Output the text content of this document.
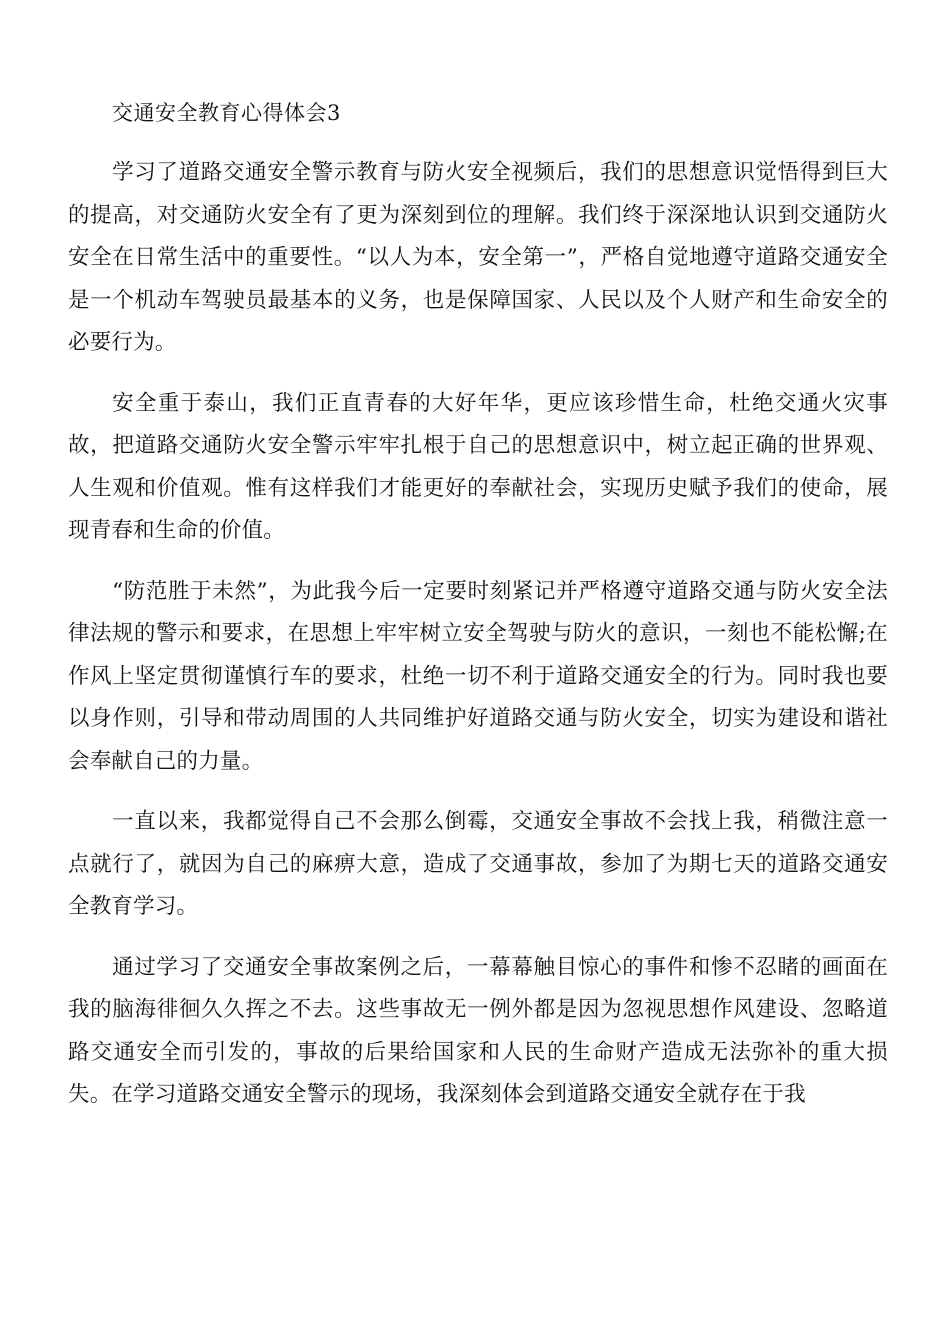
交通安全教育心得体会3

学习了道路交通安全警示教育与防火安全视频后，我们的思想意识觉悟得到巨大的提高，对交通防火安全有了更为深刻到位的理解。我们终于深深地认识到交通防火安全在日常生活中的重要性。“以人为本，安全第一”，严格自觉地遵守道路交通安全是一个机动车驾驶员最基本的义务，也是保障国家、人民以及个人财产和生命安全的必要行为。

安全重于泰山，我们正直青春的大好年华，更应该珍惜生命，杜绝交通火灾事故，把道路交通防火安全警示牢牢扎根于自己的思想意识中，树立起正确的世界观、人生观和价值观。惟有这样我们才能更好的奉献社会，实现历史赋予我们的使命，展现青春和生命的价值。

“防范胜于未然”，为此我今后一定要时刻紧记并严格遵守道路交通与防火安全法律法规的警示和要求，在思想上牢牢树立安全驾驶与防火的意识，一刻也不能松懈;在作风上坚定贯彻谨慎行车的要求，杜绝一切不利于道路交通安全的行为。同时我也要以身作则，引导和带动周围的人共同维护好道路交通与防火安全，切实为建设和谐社会奉献自己的力量。

一直以来，我都觉得自己不会那么倒霉，交通安全事故不会找上我，稍微注意一点就行了，就因为自己的麻痹大意，造成了交通事故，参加了为期七天的道路交通安全教育学习。

通过学习了交通安全事故案例之后，一幕幕触目惊心的事件和惨不忍睹的画面在我的脑海徘徊久久挥之不去。这些事故无一例外都是因为忽视思想作风建设、忽略道路交通安全而引发的，事故的后果给国家和人民的生命财产造成无法弥补的重大损失。在学习道路交通安全警示的现场，我深刻体会到道路交通安全就存在于我
